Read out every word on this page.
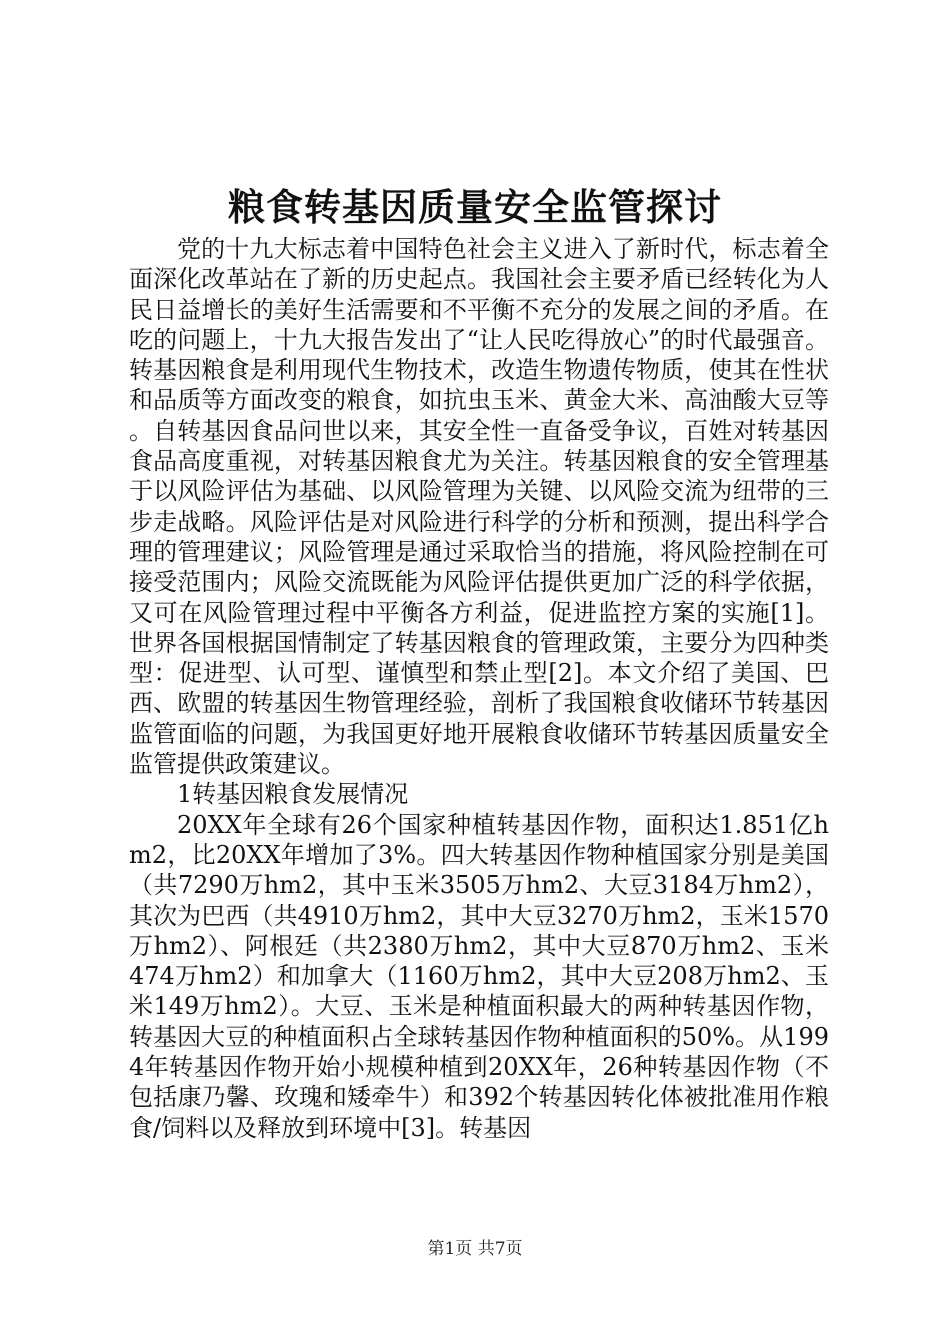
粮食转基因质量安全监管探讨

党的十九大标志着中国特色社会主义进入了新时代，标志着全面深化改革站在了新的历史起点。我国社会主要矛盾已经转化为人民日益增长的美好生活需要和不平衡不充分的发展之间的矛盾。在吃的问题上，十九大报告发出了“让人民吃得放心”的时代最强音。转基因粮食是利用现代生物技术，改造生物遗传物质，使其在性状和品质等方面改变的粮食，如抗虫玉米、黄金大米、高油酸大豆等。自转基因食品问世以来，其安全性一直备受争议，百姓对转基因食品高度重视，对转基因粮食尤为关注。转基因粮食的安全管理基于以风险评估为基础、以风险管理为关键、以风险交流为纽带的三步走战略。风险评估是对风险进行科学的分析和预测，提出科学合理的管理建议；风险管理是通过采取恰当的措施，将风险控制在可接受范围内；风险交流既能为风险评估提供更加广泛的科学依据，又可在风险管理过程中平衡各方利益，促进监控方案的实施[1]。世界各国根据国情制定了转基因粮食的管理政策，主要分为四种类型：促进型、认可型、谨慎型和禁止型[2]。本文介绍了美国、巴西、欧盟的转基因生物管理经验，剖析了我国粮食收储环节转基因监管面临的问题，为我国更好地开展粮食收储环节转基因质量安全监管提供政策建议。

1转基因粮食发展情况

20XX年全球有26个国家种植转基因作物，面积达1.851亿hm2，比20XX年增加了3%。四大转基因作物种植国家分别是美国（共7290万hm2，其中玉米3505万hm2、大豆3184万hm2），其次为巴西（共4910万hm2，其中大豆3270万hm2，玉米1570万hm2）、阿根廷（共2380万hm2，其中大豆870万hm2、玉米474万hm2）和加拿大（1160万hm2，其中大豆208万hm2、玉米149万hm2）。大豆、玉米是种植面积最大的两种转基因作物，转基因大豆的种植面积占全球转基因作物种植面积的50%。从1994年转基因作物开始小规模种植到20XX年，26种转基因作物（不包括康乃馨、玫瑰和矮牵牛）和392个转基因转化体被批准用作粮食/饲料以及释放到环境中[3]。转基因

第1页 共7页
